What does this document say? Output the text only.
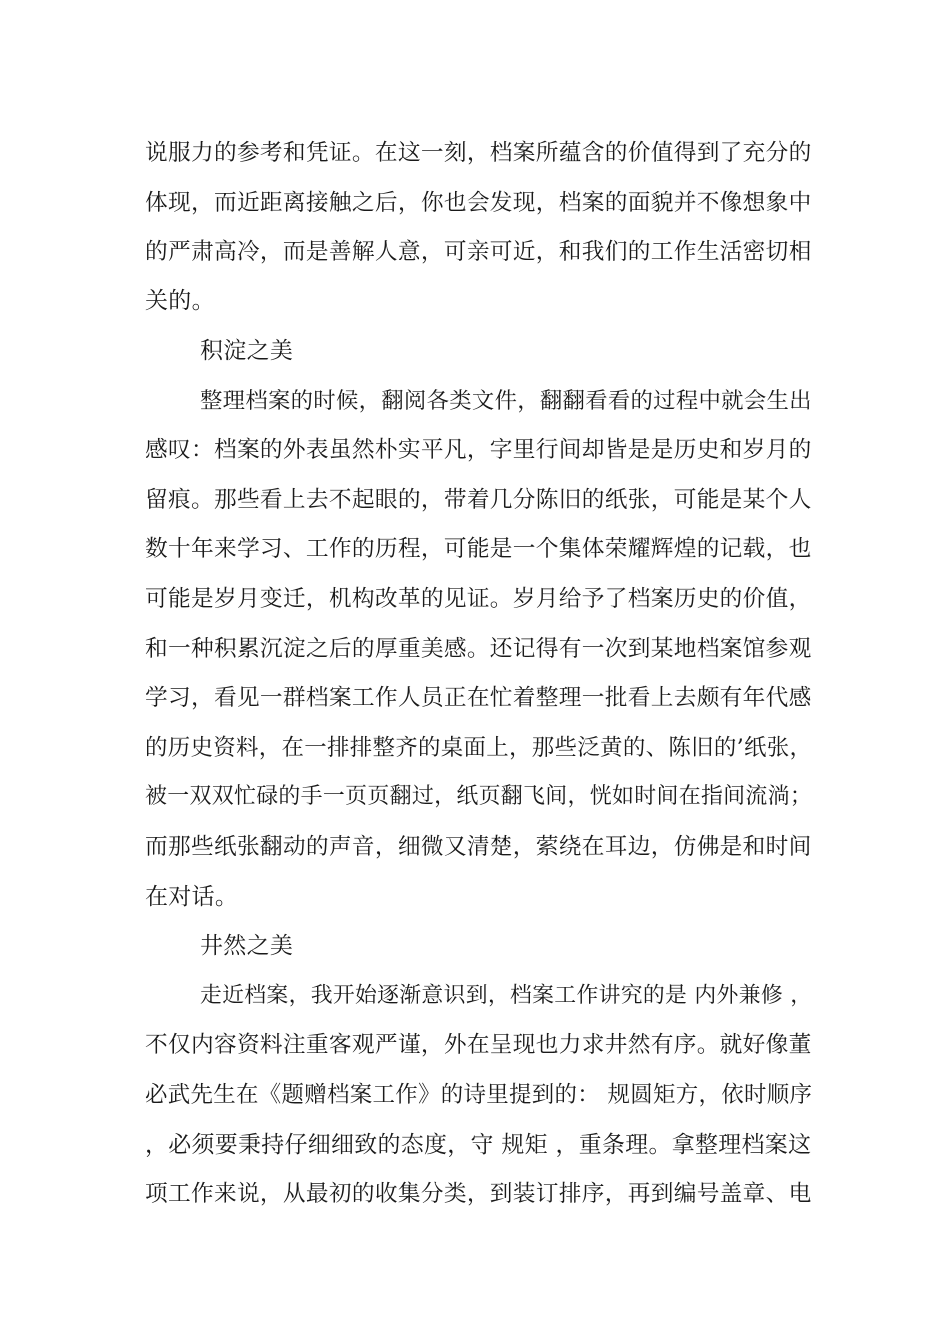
说服力的参考和凭证。在这一刻，档案所蕴含的价值得到了充分的
体现，而近距离接触之后，你也会发现，档案的面貌并不像想象中
的严肃高冷，而是善解人意，可亲可近，和我们的工作生活密切相
关的。
积淀之美
整理档案的时候，翻阅各类文件，翻翻看看的过程中就会生出
感叹：档案的外表虽然朴实平凡，字里行间却皆是是历史和岁月的
留痕。那些看上去不起眼的，带着几分陈旧的纸张，可能是某个人
数十年来学习、工作的历程，可能是一个集体荣耀辉煌的记载，也
可能是岁月变迁，机构改革的见证。岁月给予了档案历史的价值，
和一种积累沉淀之后的厚重美感。还记得有一次到某地档案馆参观
学习，看见一群档案工作人员正在忙着整理一批看上去颇有年代感
的历史资料，在一排排整齐的桌面上，那些泛黄的、陈旧的’纸张，
被一双双忙碌的手一页页翻过，纸页翻飞间，恍如时间在指间流淌；
而那些纸张翻动的声音，细微又清楚，萦绕在耳边，仿佛是和时间
在对话。
井然之美
走近档案，我开始逐渐意识到，档案工作讲究的是 内外兼修 ，
不仅内容资料注重客观严谨，外在呈现也力求井然有序。就好像董
必武先生在《题赠档案工作》的诗里提到的： 规圆矩方，依时顺序
，必须要秉持仔细细致的态度，守 规矩 ，重条理。拿整理档案这
项工作来说，从最初的收集分类，到装订排序，再到编号盖章、电
